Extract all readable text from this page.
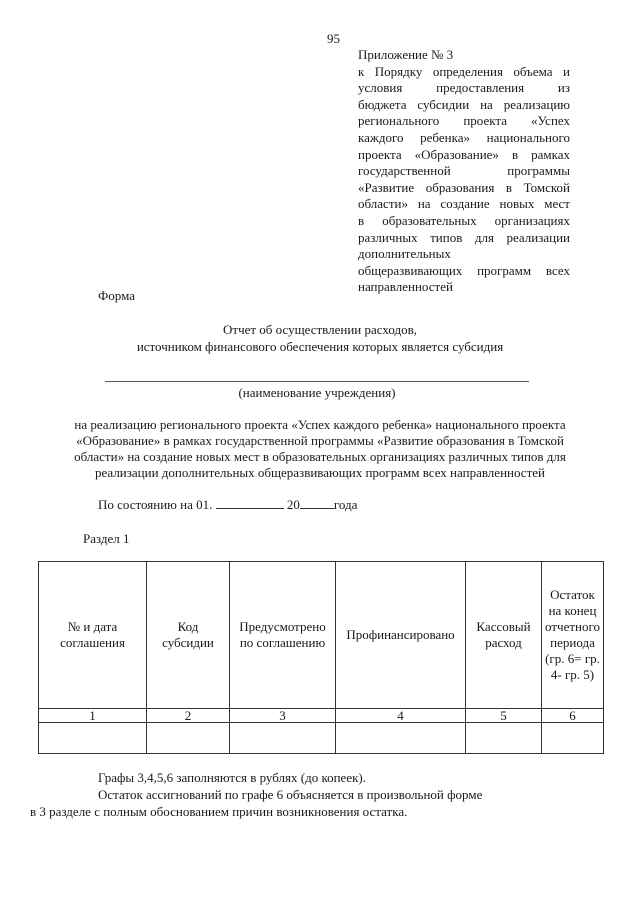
95
Приложение № 3
к Порядку определения объема и
условия предоставления из
бюджета субсидии на реализацию
регионального проекта «Успех
каждого ребенка» национального
проекта «Образование» в рамках
государственной программы
«Развитие образования в Томской
области» на создание новых мест
в образовательных организациях
различных типов для реализации
дополнительных
общеразвивающих программ всех
направленностей
Форма
Отчет об осуществлении расходов,
источником финансового обеспечения которых является субсидия
(наименование учреждения)
на реализацию регионального проекта «Успех каждого ребенка» национального проекта
«Образование» в рамках государственной программы «Развитие образования в Томской
области» на создание новых мест в образовательных организациях различных типов для
реализации дополнительных общеразвивающих программ всех направленностей
По состоянию на 01.	20	года
Раздел 1
№ и дата соглашения	Код субсидии	Предусмотрено по соглашению	Профинансировано	Кассовый расход	Остаток на конец отчетного периода (гр. 6= гр. 4- гр. 5)
1	2	3	4	5	6

Графы 3,4,5,6 заполняются в рублях (до копеек).
Остаток ассигнований по графе 6 объясняется в произвольной форме
в 3 разделе с полным обоснованием причин возникновения остатка.
